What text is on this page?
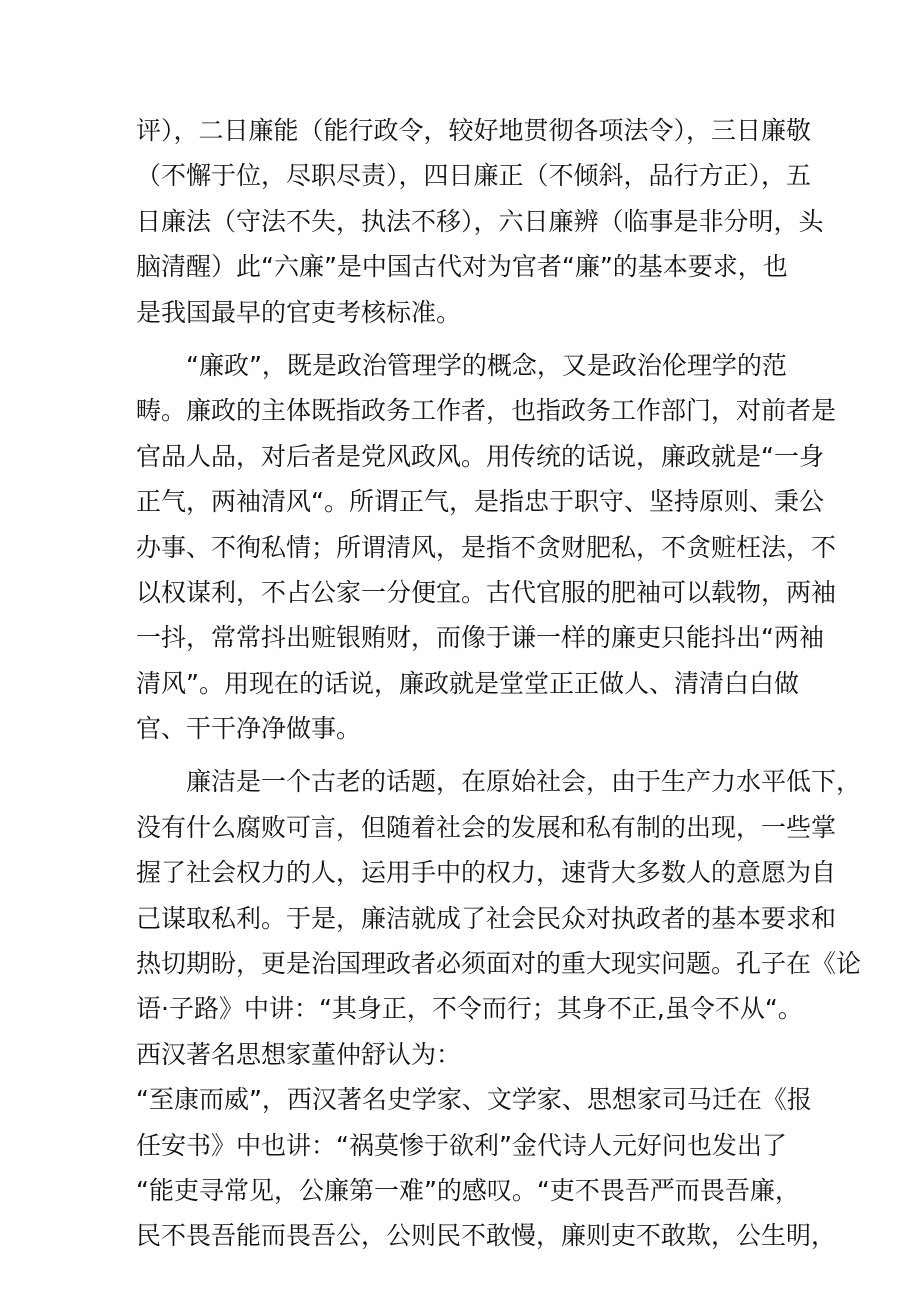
评），二日廉能（能行政令，较好地贯彻各项法令），三日廉敬
（不懈于位，尽职尽责），四日廉正（不倾斜，品行方正），五
日廉法（守法不失，执法不移），六日廉辨（临事是非分明，头
脑清醒）此“六廉”是中国古代对为官者“廉”的基本要求，也
是我国最早的官吏考核标准。
“廉政”，既是政治管理学的概念，又是政治伦理学的范
畴。廉政的主体既指政务工作者，也指政务工作部门，对前者是
官品人品，对后者是党风政风。用传统的话说，廉政就是“一身
正气，两袖清风“。所谓正气，是指忠于职守、坚持原则、秉公
办事、不徇私情；所谓清风，是指不贪财肥私，不贪赃枉法，不
以权谋利，不占公家一分便宜。古代官服的肥袖可以载物，两袖
一抖，常常抖出赃银贿财，而像于谦一样的廉吏只能抖出“两袖
清风”。用现在的话说，廉政就是堂堂正正做人、清清白白做
官、干干净净做事。
廉洁是一个古老的话题，在原始社会，由于生产力水平低下，
没有什么腐败可言，但随着社会的发展和私有制的出现，一些掌
握了社会权力的人，运用手中的权力，速背大多数人的意愿为自
己谋取私利。于是，廉洁就成了社会民众对执政者的基本要求和
热切期盼，更是治国理政者必须面对的重大现实问题。孔子在《论
语·子路》中讲：“其身正，不令而行；其身不正,虽令不从“。
西汉著名思想家董仲舒认为：
“至康而威”，西汉著名史学家、文学家、思想家司马迁在《报
任安书》中也讲：“祸莫惨于欲利”金代诗人元好问也发出了
“能吏寻常见，公廉第一难”的感叹。“吏不畏吾严而畏吾廉，
民不畏吾能而畏吾公，公则民不敢慢，廉则吏不敢欺，公生明，
